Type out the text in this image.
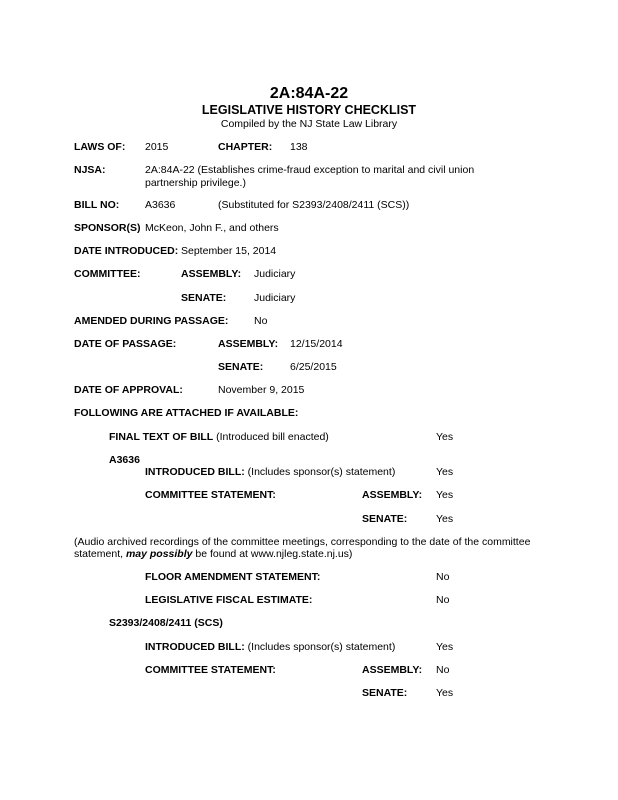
2A:84A-22
LEGISLATIVE HISTORY CHECKLIST
Compiled by the NJ State Law Library
LAWS OF: 2015	CHAPTER: 138
NJSA:	2A:84A-22 (Establishes crime-fraud exception to marital and civil union partnership privilege.)
BILL NO: A3636	(Substituted for S2393/2408/2411 (SCS))
SPONSOR(S) McKeon, John F., and others
DATE INTRODUCED: September 15, 2014
COMMITTEE:	ASSEMBLY: Judiciary
SENATE:	Judiciary
AMENDED DURING PASSAGE: No
DATE OF PASSAGE:	ASSEMBLY: 12/15/2014
SENATE:	6/25/2015
DATE OF APPROVAL:	November 9, 2015
FOLLOWING ARE ATTACHED IF AVAILABLE:
FINAL TEXT OF BILL (Introduced bill enacted)	Yes
A3636
INTRODUCED BILL: (Includes sponsor(s) statement)	Yes
COMMITTEE STATEMENT:	ASSEMBLY: Yes
SENATE:	Yes
(Audio archived recordings of the committee meetings, corresponding to the date of the committee
statement, may possibly be found at www.njleg.state.nj.us)
FLOOR AMENDMENT STATEMENT:	No
LEGISLATIVE FISCAL ESTIMATE:	No
S2393/2408/2411 (SCS)
INTRODUCED BILL: (Includes sponsor(s) statement)	Yes
COMMITTEE STATEMENT:	ASSEMBLY: No
SENATE:	Yes
